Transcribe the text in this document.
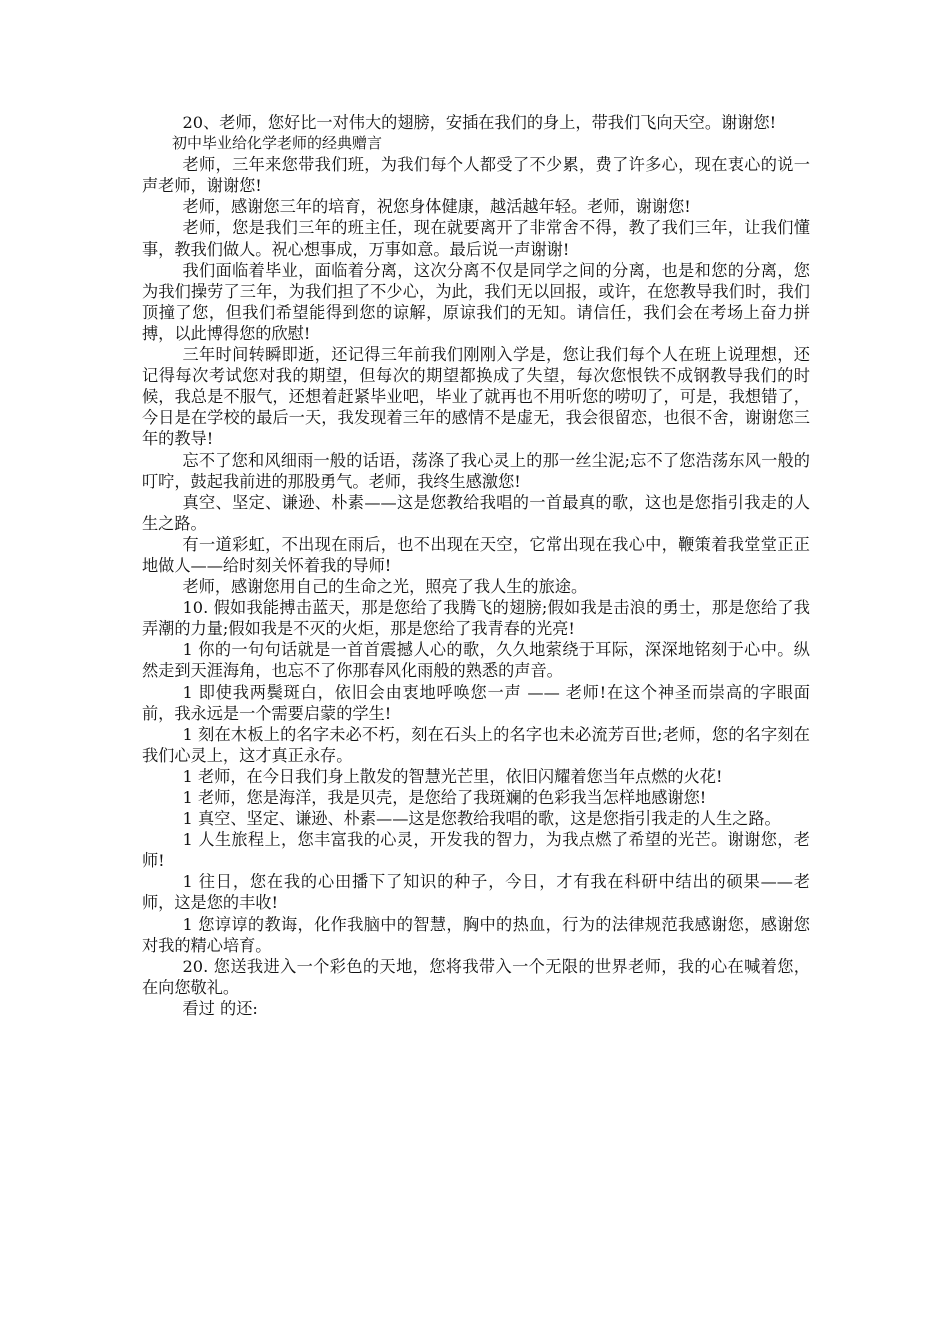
20、老师，您好比一对伟大的翅膀，安插在我们的身上，带我们飞向天空。谢谢您!

初中毕业给化学老师的经典赠言

老师，三年来您带我们班，为我们每个人都受了不少累，费了许多心，现在衷心的说一声老师，谢谢您!

老师，感谢您三年的培育，祝您身体健康，越活越年轻。老师，谢谢您!

老师，您是我们三年的班主任，现在就要离开了非常舍不得，教了我们三年，让我们懂事，教我们做人。祝心想事成，万事如意。最后说一声谢谢!

我们面临着毕业，面临着分离，这次分离不仅是同学之间的分离，也是和您的分离，您为我们操劳了三年，为我们担了不少心，为此，我们无以回报，或许，在您教导我们时，我们顶撞了您，但我们希望能得到您的谅解，原谅我们的无知。请信任，我们会在考场上奋力拼搏，以此博得您的欣慰!

三年时间转瞬即逝，还记得三年前我们刚刚入学是，您让我们每个人在班上说理想，还记得每次考试您对我的期望，但每次的期望都换成了失望，每次您恨铁不成钢教导我们的时候，我总是不服气，还想着赶紧毕业吧，毕业了就再也不用听您的唠叨了，可是，我想错了，今日是在学校的最后一天，我发现着三年的感情不是虚无，我会很留恋，也很不舍，谢谢您三年的教导!

忘不了您和风细雨一般的话语，荡涤了我心灵上的那一丝尘泥;忘不了您浩荡东风一般的叮咛，鼓起我前进的那股勇气。老师，我终生感激您!

真空、坚定、谦逊、朴素——这是您教给我唱的一首最真的歌，这也是您指引我走的人生之路。

有一道彩虹，不出现在雨后，也不出现在天空，它常出现在我心中，鞭策着我堂堂正正地做人——给时刻关怀着我的导师!

老师，感谢您用自己的生命之光，照亮了我人生的旅途。

10. 假如我能搏击蓝天，那是您给了我腾飞的翅膀;假如我是击浪的勇士，那是您给了我弄潮的力量;假如我是不灭的火炬，那是您给了我青春的光亮!

1 你的一句句话就是一首首震撼人心的歌，久久地萦绕于耳际，深深地铭刻于心中。纵然走到天涯海角，也忘不了你那春风化雨般的熟悉的声音。

1 即使我两鬓斑白，依旧会由衷地呼唤您一声 —— 老师!在这个神圣而崇高的字眼面前，我永远是一个需要启蒙的学生!

1 刻在木板上的名字未必不朽，刻在石头上的名字也未必流芳百世;老师，您的名字刻在我们心灵上，这才真正永存。

1 老师，在今日我们身上散发的智慧光芒里，依旧闪耀着您当年点燃的火花!

1 老师，您是海洋，我是贝壳，是您给了我斑斓的色彩我当怎样地感谢您!

1 真空、坚定、谦逊、朴素——这是您教给我唱的歌，这是您指引我走的人生之路。

1 人生旅程上，您丰富我的心灵，开发我的智力，为我点燃了希望的光芒。谢谢您，老师!

1 往日，您在我的心田播下了知识的种子，今日，才有我在科研中结出的硕果——老师，这是您的丰收!

1 您谆谆的教诲，化作我脑中的智慧，胸中的热血，行为的法律规范我感谢您，感谢您对我的精心培育。

20. 您送我进入一个彩色的天地，您将我带入一个无限的世界老师，我的心在喊着您，在向您敬礼。

看过 的还:
